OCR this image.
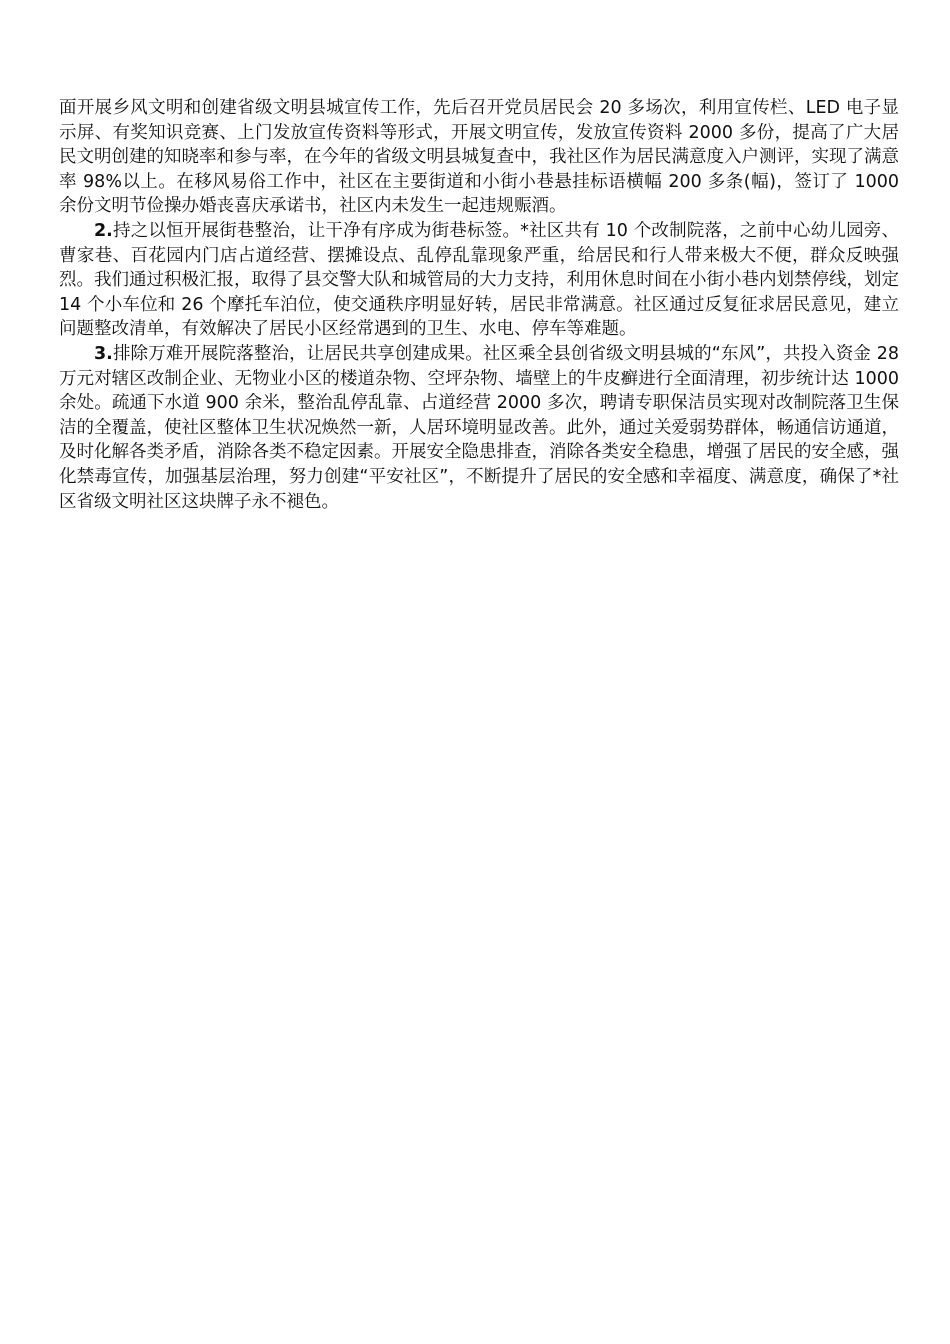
面开展乡风文明和创建省级文明县城宣传工作，先后召开党员居民会 20 多场次，利用宣传栏、LED 电子显示屏、有奖知识竞赛、上门发放宣传资料等形式，开展文明宣传，发放宣传资料 2000 多份，提高了广大居民文明创建的知晓率和参与率，在今年的省级文明县城复查中，我社区作为居民满意度入户测评，实现了满意率 98%以上。在移风易俗工作中，社区在主要街道和小街小巷悬挂标语横幅 200 多条(幅)，签订了 1000 余份文明节俭操办婚丧喜庆承诺书，社区内未发生一起违规赈酒。

2.持之以恒开展街巷整治，让干净有序成为街巷标签。*社区共有 10 个改制院落，之前中心幼儿园旁、曹家巷、百花园内门店占道经营、摆摊设点、乱停乱靠现象严重，给居民和行人带来极大不便，群众反映强烈。我们通过积极汇报，取得了县交警大队和城管局的大力支持，利用休息时间在小街小巷内划禁停线，划定 14 个小车位和 26 个摩托车泊位，使交通秩序明显好转，居民非常满意。社区通过反复征求居民意见，建立问题整改清单，有效解决了居民小区经常遇到的卫生、水电、停车等难题。

3.排除万难开展院落整治，让居民共享创建成果。社区乘全县创省级文明县城的“东风”，共投入资金 28 万元对辖区改制企业、无物业小区的楼道杂物、空坪杂物、墙壁上的牛皮癣进行全面清理，初步统计达 1000 余处。疏通下水道 900 余米，整治乱停乱靠、占道经营 2000 多次，聘请专职保洁员实现对改制院落卫生保洁的全覆盖，使社区整体卫生状况焕然一新，人居环境明显改善。此外，通过关爱弱势群体，畅通信访通道，及时化解各类矛盾，消除各类不稳定因素。开展安全隐患排查，消除各类安全稳患，增强了居民的安全感，强化禁毒宣传，加强基层治理，努力创建“平安社区”，不断提升了居民的安全感和幸福度、满意度，确保了*社区省级文明社区这块牌子永不褪色。
